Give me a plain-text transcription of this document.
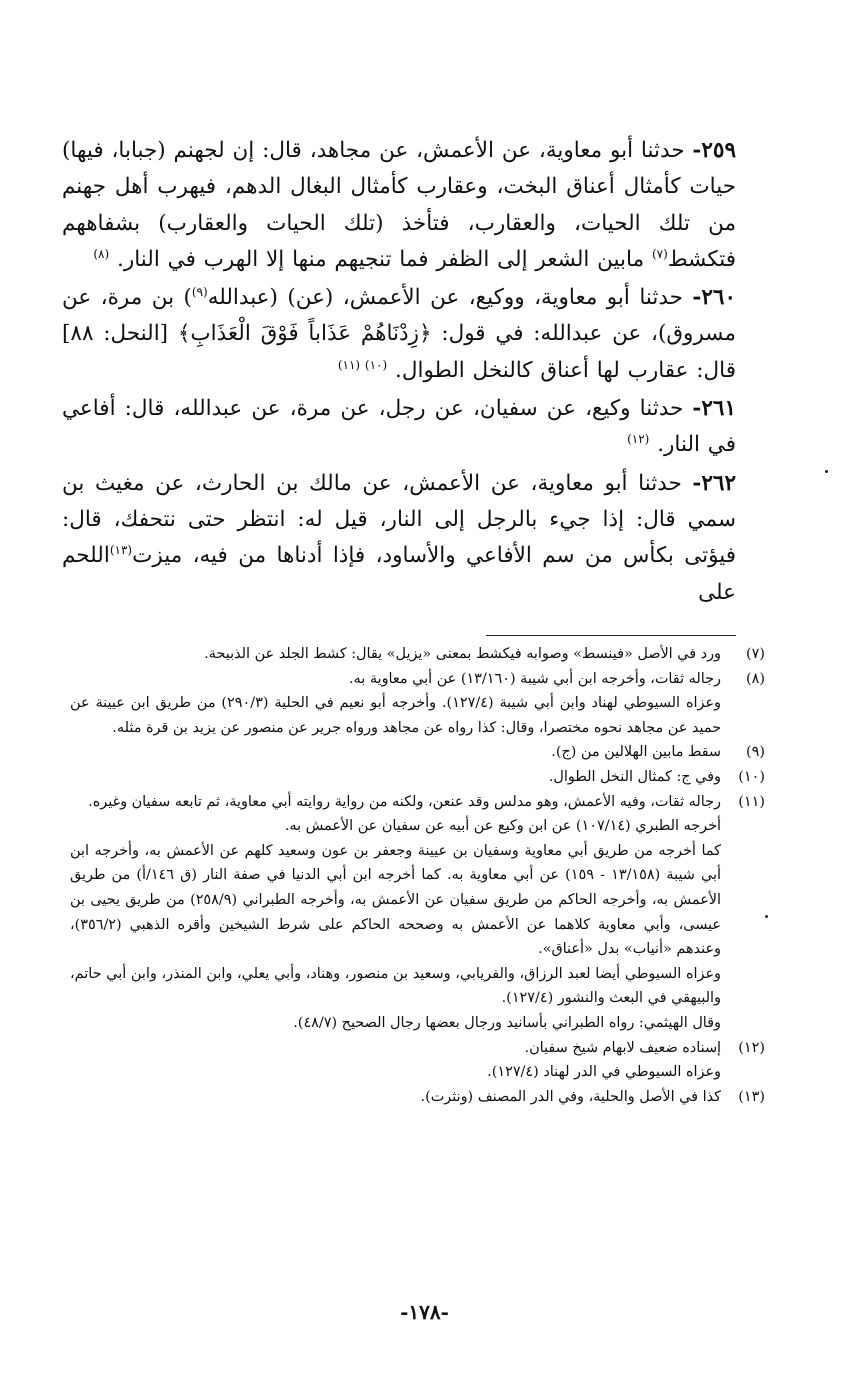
٢٥٩- حدثنا أبو معاوية، عن الأعمش، عن مجاهد، قال: إن لجهنم (جبابا، فيها) حيات كأمثال أعناق البخت، وعقارب كأمثال البغال الدهم، فيهرب أهل جهنم من تلك الحيات، والعقارب، فتأخذ (تلك الحيات والعقارب) بشفاههم فتكشط$^{(٧)}$ مابين الشعر إلى الظفر فما تنجيهم منها إلا الهرب في النار. $^{(٨)}$

٢٦٠- حدثنا أبو معاوية، ووكيع، عن الأعمش، (عن) (عبدالله$^{(٩)}$) بن مرة، عن مسروق)، عن عبدالله: في قول: ﴿زِدْنَاهُمْ عَذَاباً فَوْقَ الْعَذَابِ﴾ [النحل: ٨٨] قال: عقارب لها أعناق كالنخل الطوال. $^{(١٠) (١١)}$

٢٦١- حدثنا وكيع، عن سفيان، عن رجل، عن مرة، عن عبدالله، قال: أفاعي في النار. $^{(١٢)}$

٢٦٢- حدثنا أبو معاوية، عن الأعمش، عن مالك بن الحارث، عن مغيث بن سمي قال: إذا جيء بالرجل إلى النار، قيل له: انتظر حتى نتحفك، قال: فيؤتى بكأس من سم الأفاعي والأساود، فإذا أدناها من فيه، ميزت$^{(١٣)}$اللحم على

(٧)
ورد في الأصل «فينسط» وصوابه فيكشط بمعنى «يزيل» يقال: كشط الجلد عن الذبيحة.

(٨)
رجاله ثقات، وأخرجه ابن أبي شيبة (١٣/١٦٠) عن أبي معاوية به.

وعزاه السيوطي لهناد وابن أبي شيبة (١٢٧/٤). وأخرجه أبو نعيم في الحلية (٢٩٠/٣) من طريق ابن عيينة عن حميد عن مجاهد نحوه مختصرا، وقال: كذا رواه عن مجاهد ورواه جرير عن منصور عن يزيد بن قرة مثله.

(٩)
سقط مابين الهلالين من (ج).

(١٠)
وفي ج: كمثال النخل الطوال.

(١١)
رجاله ثقات، وفيه الأعمش، وهو مدلس وقد عنعن، ولكنه من رواية روايته أبي معاوية، ثم تابعه سفيان وغيره.

أخرجه الطبري (١٠٧/١٤) عن ابن وكيع عن أبيه عن سفيان عن الأعمش به.

كما أخرجه من طريق أبي معاوية وسفيان بن عيينة وجعفر بن عون وسعيد كلهم عن الأعمش به، وأخرجه ابن أبي شيبة (١٣/١٥٨ - ١٥٩) عن أبي معاوية به. كما أخرجه ابن أبي الدنيا في صفة النار (ق ١٤٦/أ) من طريق الأعمش به، وأخرجه الحاكم من طريق سفيان عن الأعمش به، وأخرجه الطبراني (٢٥٨/٩) من طريق يحيى بن عيسى، وأبي معاوية كلاهما عن الأعمش به وصححه الحاكم على شرط الشيخين وأقره الذهبي (٣٥٦/٢)، وعندهم «أنياب» بدل «أعناق».

وعزاه السيوطي أيضا لعبد الرزاق، والفريابي، وسعيد بن منصور، وهناد، وأبي يعلي، وابن المنذر، وابن أبي حاتم، والبيهقي في البعث والنشور (١٢٧/٤).

وقال الهيثمي: رواه الطبراني بأسانيد ورجال بعضها رجال الصحيح (٤٨/٧).

(١٢)
إسناده ضعيف لابهام شيخ سفيان.

وعزاه السيوطي في الدر لهناد (١٢٧/٤).

(١٣)
كذا في الأصل والحلية، وفي الدر المصنف (ونثرت).

-١٧٨-
